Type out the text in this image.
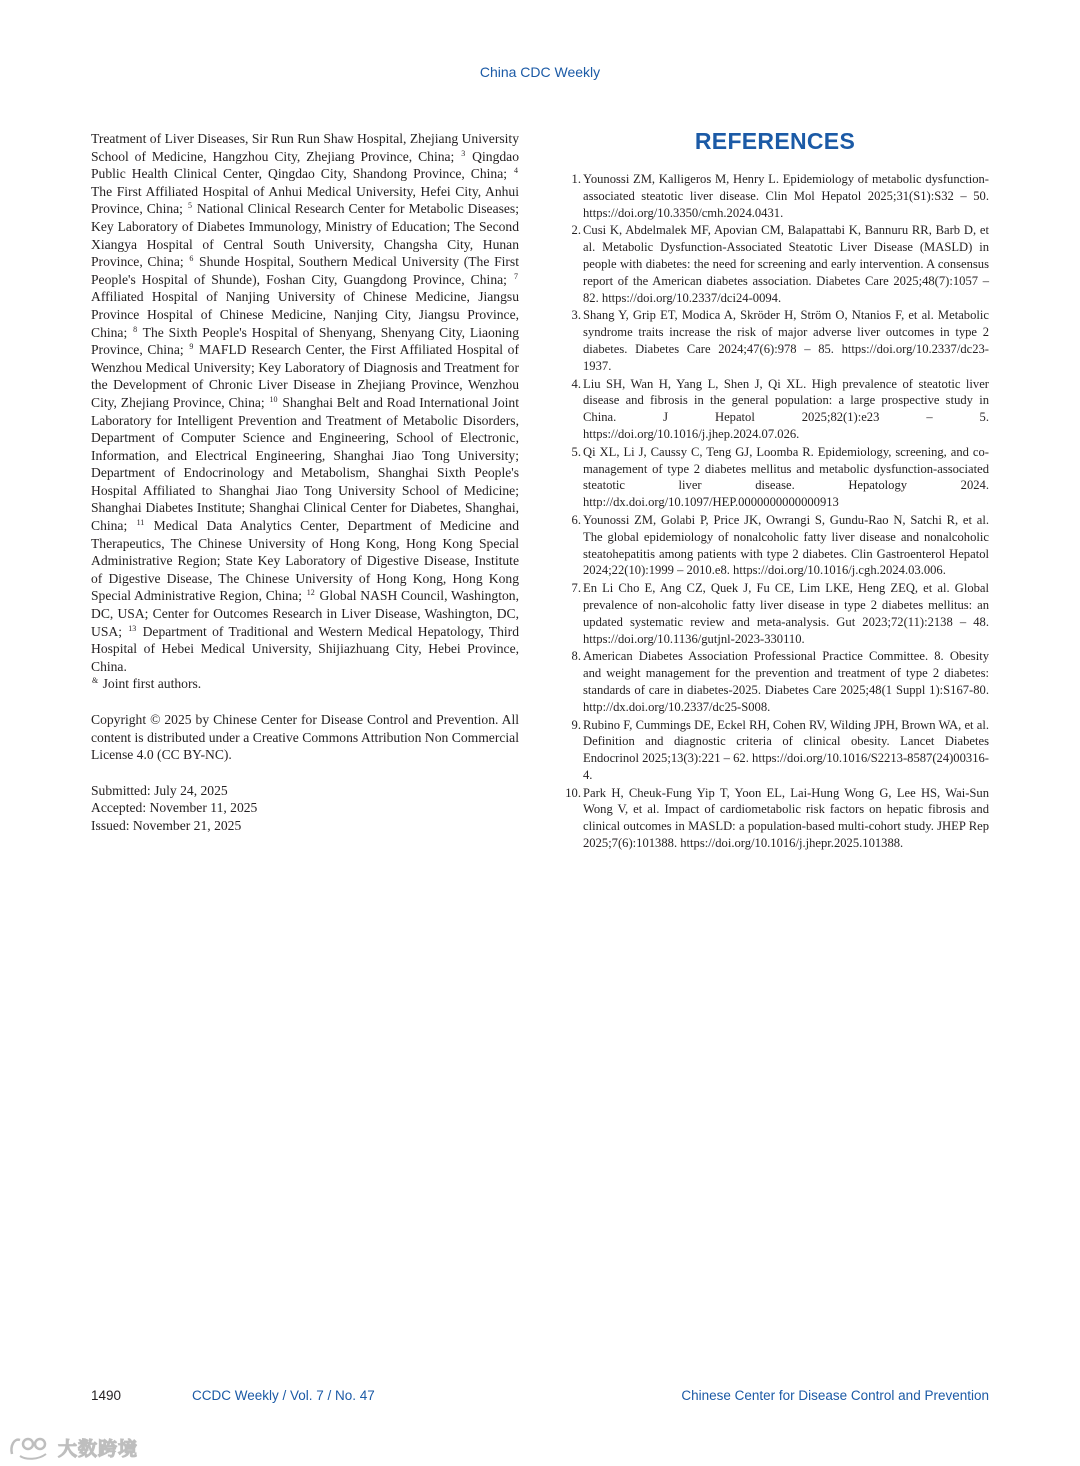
China CDC Weekly

Treatment of Liver Diseases, Sir Run Run Shaw Hospital, Zhejiang University School of Medicine, Hangzhou City, Zhejiang Province, China; $^3$ Qingdao Public Health Clinical Center, Qingdao City, Shandong Province, China; $^4$ The First Affiliated Hospital of Anhui Medical University, Hefei City, Anhui Province, China; $^5$ National Clinical Research Center for Metabolic Diseases; Key Laboratory of Diabetes Immunology, Ministry of Education; The Second Xiangya Hospital of Central South University, Changsha City, Hunan Province, China; $^6$ Shunde Hospital, Southern Medical University (The First People's Hospital of Shunde), Foshan City, Guangdong Province, China; $^7$ Affiliated Hospital of Nanjing University of Chinese Medicine, Jiangsu Province Hospital of Chinese Medicine, Nanjing City, Jiangsu Province, China; $^8$ The Sixth People's Hospital of Shenyang, Shenyang City, Liaoning Province, China; $^9$ MAFLD Research Center, the First Affiliated Hospital of Wenzhou Medical University; Key Laboratory of Diagnosis and Treatment for the Development of Chronic Liver Disease in Zhejiang Province, Wenzhou City, Zhejiang Province, China; $^{10}$ Shanghai Belt and Road International Joint Laboratory for Intelligent Prevention and Treatment of Metabolic Disorders, Department of Computer Science and Engineering, School of Electronic, Information, and Electrical Engineering, Shanghai Jiao Tong University; Department of Endocrinology and Metabolism, Shanghai Sixth People's Hospital Affiliated to Shanghai Jiao Tong University School of Medicine; Shanghai Diabetes Institute; Shanghai Clinical Center for Diabetes, Shanghai, China; $^{11}$ Medical Data Analytics Center, Department of Medicine and Therapeutics, The Chinese University of Hong Kong, Hong Kong Special Administrative Region; State Key Laboratory of Digestive Disease, Institute of Digestive Disease, The Chinese University of Hong Kong, Hong Kong Special Administrative Region, China; $^{12}$ Global NASH Council, Washington, DC, USA; Center for Outcomes Research in Liver Disease, Washington, DC, USA; $^{13}$ Department of Traditional and Western Medical Hepatology, Third Hospital of Hebei Medical University, Shijiazhuang City, Hebei Province, China.

& Joint first authors.

Copyright © 2025 by Chinese Center for Disease Control and Prevention. All content is distributed under a Creative Commons Attribution Non Commercial License 4.0 (CC BY-NC).

Submitted: July 24, 2025
Accepted: November 11, 2025
Issued: November 21, 2025
REFERENCES
1. Younossi ZM, Kalligeros M, Henry L. Epidemiology of metabolic dysfunction-associated steatotic liver disease. Clin Mol Hepatol 2025;31(S1):S32 – 50. https://doi.org/10.3350/cmh.2024.0431.
2. Cusi K, Abdelmalek MF, Apovian CM, Balapattabi K, Bannuru RR, Barb D, et al. Metabolic Dysfunction-Associated Steatotic Liver Disease (MASLD) in people with diabetes: the need for screening and early intervention. A consensus report of the American diabetes association. Diabetes Care 2025;48(7):1057 – 82. https://doi.org/10.2337/dci24-0094.
3. Shang Y, Grip ET, Modica A, Skröder H, Ström O, Ntanios F, et al. Metabolic syndrome traits increase the risk of major adverse liver outcomes in type 2 diabetes. Diabetes Care 2024;47(6):978 – 85. https://doi.org/10.2337/dc23-1937.
4. Liu SH, Wan H, Yang L, Shen J, Qi XL. High prevalence of steatotic liver disease and fibrosis in the general population: a large prospective study in China. J Hepatol 2025;82(1):e23 – 5. https://doi.org/10.1016/j.jhep.2024.07.026.
5. Qi XL, Li J, Caussy C, Teng GJ, Loomba R. Epidemiology, screening, and co-management of type 2 diabetes mellitus and metabolic dysfunction-associated steatotic liver disease. Hepatology 2024. http://dx.doi.org/10.1097/HEP.0000000000000913
6. Younossi ZM, Golabi P, Price JK, Owrangi S, Gundu-Rao N, Satchi R, et al. The global epidemiology of nonalcoholic fatty liver disease and nonalcoholic steatohepatitis among patients with type 2 diabetes. Clin Gastroenterol Hepatol 2024;22(10):1999 – 2010.e8. https://doi.org/10.1016/j.cgh.2024.03.006.
7. En Li Cho E, Ang CZ, Quek J, Fu CE, Lim LKE, Heng ZEQ, et al. Global prevalence of non-alcoholic fatty liver disease in type 2 diabetes mellitus: an updated systematic review and meta-analysis. Gut 2023;72(11):2138 – 48. https://doi.org/10.1136/gutjnl-2023-330110.
8. American Diabetes Association Professional Practice Committee. 8. Obesity and weight management for the prevention and treatment of type 2 diabetes: standards of care in diabetes-2025. Diabetes Care 2025;48(1 Suppl 1):S167-80. http://dx.doi.org/10.2337/dc25-S008.
9. Rubino F, Cummings DE, Eckel RH, Cohen RV, Wilding JPH, Brown WA, et al. Definition and diagnostic criteria of clinical obesity. Lancet Diabetes Endocrinol 2025;13(3):221 – 62. https://doi.org/10.1016/S2213-8587(24)00316-4.
10. Park H, Cheuk-Fung Yip T, Yoon EL, Lai-Hung Wong G, Lee HS, Wai-Sun Wong V, et al. Impact of cardiometabolic risk factors on hepatic fibrosis and clinical outcomes in MASLD: a population-based multi-cohort study. JHEP Rep 2025;7(6):101388. https://doi.org/10.1016/j.jhepr.2025.101388.
1490	CCDC Weekly / Vol. 7 / No. 47	Chinese Center for Disease Control and Prevention
大数跨境
